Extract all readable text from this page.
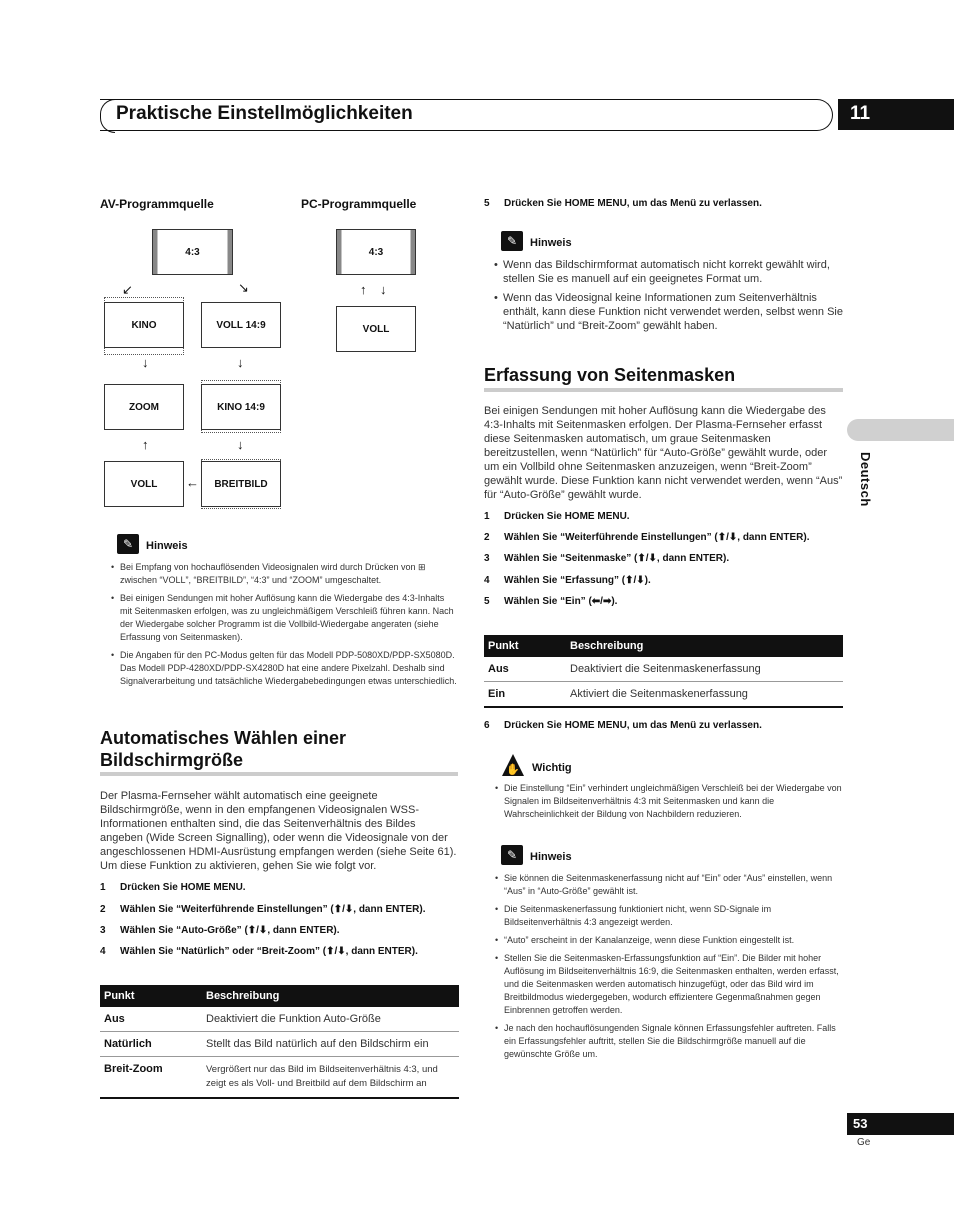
Praktische Einstellmöglichkeiten	11
Deutsch
AV-Programmquelle	PC-Programmquelle
4:3
↙	↘
KINO	VOLL 14:9
↓	↓
ZOOM	KINO 14:9
↑	↓
VOLL	←	BREITBILD
4:3
↑ ↓
VOLL
✎	Hinweis
• Bei Empfang von hochauflösenden Videosignalen wird durch Drücken von ⊞ zwischen “VOLL”, “BREITBILD”, “4:3” und “ZOOM” umgeschaltet.
• Bei einigen Sendungen mit hoher Auflösung kann die Wiedergabe des 4:3-Inhalts mit Seitenmasken erfolgen, was zu ungleichmäßigem Verschleiß führen kann. Nach der Wiedergabe solcher Programm ist die Vollbild-Wiedergabe angeraten (siehe Erfassung von Seitenmasken).
• Die Angaben für den PC-Modus gelten für das Modell PDP-5080XD/PDP-SX5080D. Das Modell PDP-4280XD/PDP-SX4280D hat eine andere Pixelzahl. Deshalb sind Signalverarbeitung und tatsächliche Wiedergabebedingungen etwas unterschiedlich.
Automatisches Wählen einer Bildschirmgröße
Der Plasma-Fernseher wählt automatisch eine geeignete Bildschirmgröße, wenn in den empfangenen Videosignalen WSS-Informationen enthalten sind, die das Seitenverhältnis des Bildes angeben (Wide Screen Signalling), oder wenn die Videosignale von der angeschlossenen HDMI-Ausrüstung empfangen werden (siehe Seite 61). Um diese Funktion zu aktivieren, gehen Sie wie folgt vor.
1 Drücken Sie HOME MENU.
2 Wählen Sie “Weiterführende Einstellungen” (⬆/⬇, dann ENTER).
3 Wählen Sie “Auto-Größe” (⬆/⬇, dann ENTER).
4 Wählen Sie “Natürlich” oder “Breit-Zoom” (⬆/⬇, dann ENTER).
Punkt	Beschreibung
Aus	Deaktiviert die Funktion Auto-Größe
Natürlich	Stellt das Bild natürlich auf den Bildschirm ein
Breit-Zoom	Vergrößert nur das Bild im Bildseitenverhältnis 4:3, und zeigt es als Voll- und Breitbild auf dem Bildschirm an
5 Drücken Sie HOME MENU, um das Menü zu verlassen.
✎	Hinweis
• Wenn das Bildschirmformat automatisch nicht korrekt gewählt wird, stellen Sie es manuell auf ein geeignetes Format um.
• Wenn das Videosignal keine Informationen zum Seitenverhältnis enthält, kann diese Funktion nicht verwendet werden, selbst wenn Sie “Natürlich” und “Breit-Zoom” gewählt haben.
Erfassung von Seitenmasken
Bei einigen Sendungen mit hoher Auflösung kann die Wiedergabe des 4:3-Inhalts mit Seitenmasken erfolgen. Der Plasma-Fernseher erfasst diese Seitenmasken automatisch, um graue Seitenmasken bereitzustellen, wenn “Natürlich” für “Auto-Größe” gewählt wurde, oder um ein Vollbild ohne Seitenmasken anzuzeigen, wenn “Breit-Zoom” gewählt wurde. Diese Funktion kann nicht verwendet werden, wenn “Aus” für “Auto-Größe” gewählt wurde.
1 Drücken Sie HOME MENU.
2 Wählen Sie “Weiterführende Einstellungen” (⬆/⬇, dann ENTER).
3 Wählen Sie “Seitenmaske” (⬆/⬇, dann ENTER).
4 Wählen Sie “Erfassung” (⬆/⬇).
5 Wählen Sie “Ein” (⬅/➡).
Punkt	Beschreibung
Aus	Deaktiviert die Seitenmaskenerfassung
Ein	Aktiviert die Seitenmaskenerfassung
6 Drücken Sie HOME MENU, um das Menü zu verlassen.
✋ Wichtig
• Die Einstellung “Ein” verhindert ungleichmäßigen Verschleiß bei der Wiedergabe von Signalen im Bildseitenverhältnis 4:3 mit Seitenmasken und kann die Wahrscheinlichkeit der Bildung von Nachbildern reduzieren.
✎	Hinweis
• Sie können die Seitenmaskenerfassung nicht auf “Ein” oder “Aus” einstellen, wenn “Aus” in “Auto-Größe” gewählt ist.
• Die Seitenmaskenerfassung funktioniert nicht, wenn SD-Signale im Bildseitenverhältnis 4:3 angezeigt werden.
• “Auto” erscheint in der Kanalanzeige, wenn diese Funktion eingestellt ist.
• Stellen Sie die Seitenmasken-Erfassungsfunktion auf “Ein”. Die Bilder mit hoher Auflösung im Bildseitenverhältnis 16:9, die Seitenmasken enthalten, werden erfasst, und die Seitenmasken werden automatisch hinzugefügt, oder das Bild wird im Breitbildmodus wiedergegeben, wodurch effizientere Gegenmaßnahmen gegen Einbrennen getroffen werden.
• Je nach den hochauflösungenden Signale können Erfassungsfehler auftreten. Falls ein Erfassungsfehler auftritt, stellen Sie die Bildschirmgröße manuell auf die gewünschte Größe um.
53
Ge
